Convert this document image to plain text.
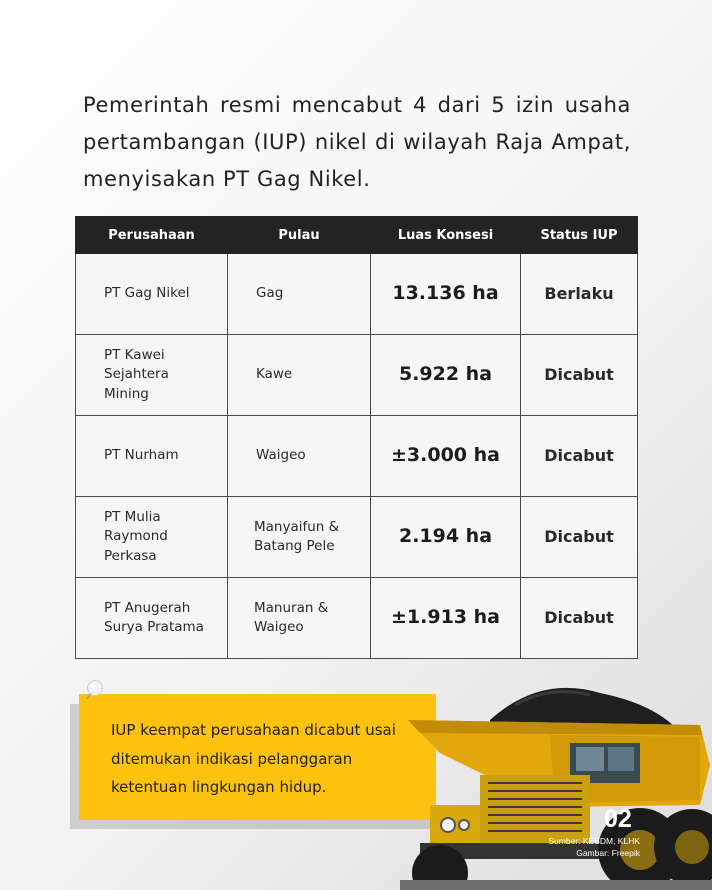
Pemerintah resmi mencabut 4 dari 5 izin usaha pertambangan (IUP) nikel di wilayah Raja Ampat, menyisakan PT Gag Nikel.

Perusahaan	Pulau	Luas Konsesi	Status IUP
PT Gag Nikel	Gag	13.136 ha	Berlaku
PT Kawei Sejahtera Mining	Kawe	5.922 ha	Dicabut
PT Nurham	Waigeo	±3.000 ha	Dicabut
PT Mulia Raymond Perkasa	Manyaifun & Batang Pele	2.194 ha	Dicabut
PT Anugerah Surya Pratama	Manuran & Waigeo	±1.913 ha	Dicabut

IUP keempat perusahaan dicabut usai ditemukan indikasi pelanggaran ketentuan lingkungan hidup.

02
Sumber: KESDM, KLHK
Gambar: Freepik
